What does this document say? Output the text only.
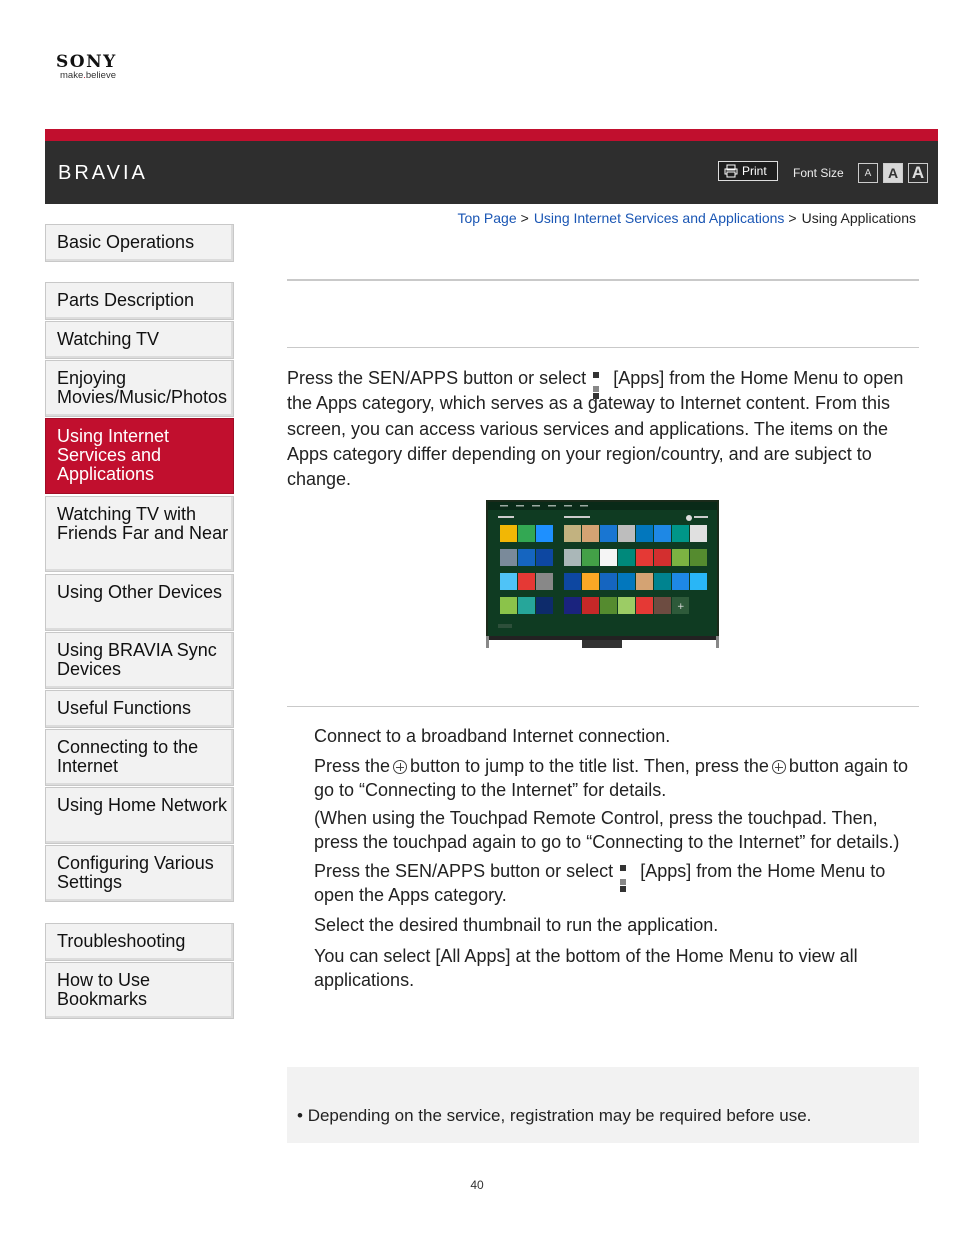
SONY
make.believe
BRAVIA	Print Font Size	A	A A
Top Page > Using Internet Services and Applications > Using Applications
Basic Operations
Parts Description
Watching TV
Enjoying Movies/Music/Photos
Using Internet Services and Applications
Watching TV with Friends Far and Near
Using Other Devices
Using BRAVIA Sync Devices
Useful Functions
Connecting to the Internet
Using Home Network
Configuring Various Settings
Troubleshooting
How to Use Bookmarks
Press the SEN/APPS button or select [Apps] from the Home Menu to open the Apps category, which serves as a gateway to Internet content. From this screen, you can access various services and applications. The items on the Apps category differ depending on your region/country, and are subject to change.
+

Connect to a broadband Internet connection.

Press the button to jump to the title list. Then, press the button again to go to “Connecting to the Internet” for details.

(When using the Touchpad Remote Control, press the touchpad. Then, press the touchpad again to go to “Connecting to the Internet” for details.)

Press the SEN/APPS button or select [Apps] from the Home Menu to open the Apps category.

Select the desired thumbnail to run the application.

You can select [All Apps] at the bottom of the Home Menu to view all applications.

• Depending on the service, registration may be required before use.
40
